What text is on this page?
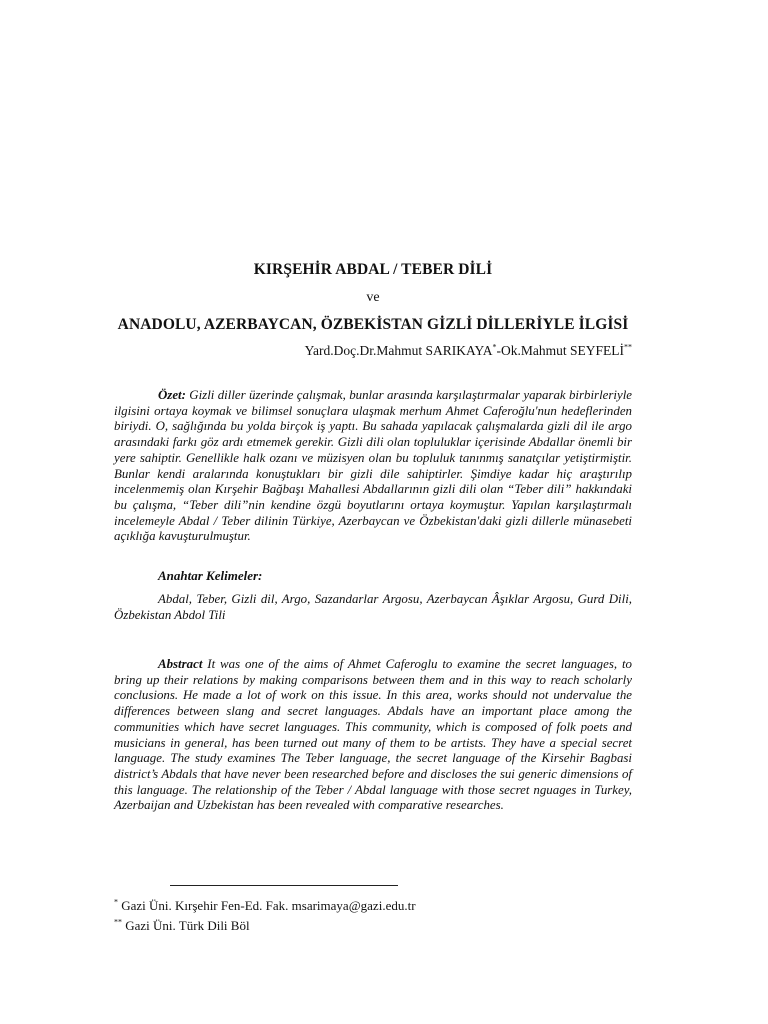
KIRŞEHİR ABDAL / TEBER DİLİ

ve

ANADOLU, AZERBAYCAN, ÖZBEKİSTAN GİZLİ DİLLERİYLE İLGİSİ
Yard.Doç.Dr.Mahmut SARIKAYA*-Ok.Mahmut SEYFELİ**

Özet: Gizli diller üzerinde çalışmak, bunlar arasında karşılaştırmalar yaparak birbirleriyle ilgisini ortaya koymak ve bilimsel sonuçlara ulaşmak merhum Ahmet Caferoğlu'nun hedeflerinden biriydi. O, sağlığında bu yolda birçok iş yaptı. Bu sahada yapılacak çalışmalarda gizli dil ile argo arasındaki farkı göz ardı etmemek gerekir. Gizli dili olan topluluklar içerisinde Abdallar önemli bir yere sahiptir. Genellikle halk ozanı ve müzisyen olan bu topluluk tanınmış sanatçılar yetiştirmiştir. Bunlar kendi aralarında konuştukları bir gizli dile sahiptirler. Şimdiye kadar hiç araştırılıp incelenmemiş olan Kırşehir Bağbaşı Mahallesi Abdallarının gizli dili olan “Teber dili” hakkındaki bu çalışma, “Teber dili”nin kendine özgü boyutlarını ortaya koymuştur. Yapılan karşılaştırmalı incelemeyle Abdal / Teber dilinin Türkiye, Azerbaycan ve Özbekistan'daki gizli dillerle münasebeti açıklığa kavuşturulmuştur.

Anahtar Kelimeler:

Abdal, Teber, Gizli dil, Argo, Sazandarlar Argosu, Azerbaycan Âşıklar Argosu, Gurd Dili, Özbekistan Abdol Tili

Abstract It was one of the aims of Ahmet Caferoglu to examine the secret languages, to bring up their relations by making comparisons between them and in this way to reach scholarly conclusions. He made a lot of work on this issue. In this area, works should not undervalue the differences between slang and secret languages. Abdals have an important place among the communities which have secret languages. This community, which is composed of folk poets and musicians in general, has been turned out many of them to be artists. They have a special secret language. The study examines The Teber language, the secret language of the Kirsehir Bagbasi district’s Abdals that have never been researched before and discloses the sui generic dimensions of this language. The relationship of the Teber / Abdal language with those secret nguages in Turkey, Azerbaijan and Uzbekistan has been revealed with comparative researches.

* Gazi Üni. Kırşehir Fen-Ed. Fak. msarimaya@gazi.edu.tr

** Gazi Üni. Türk Dili Böl
